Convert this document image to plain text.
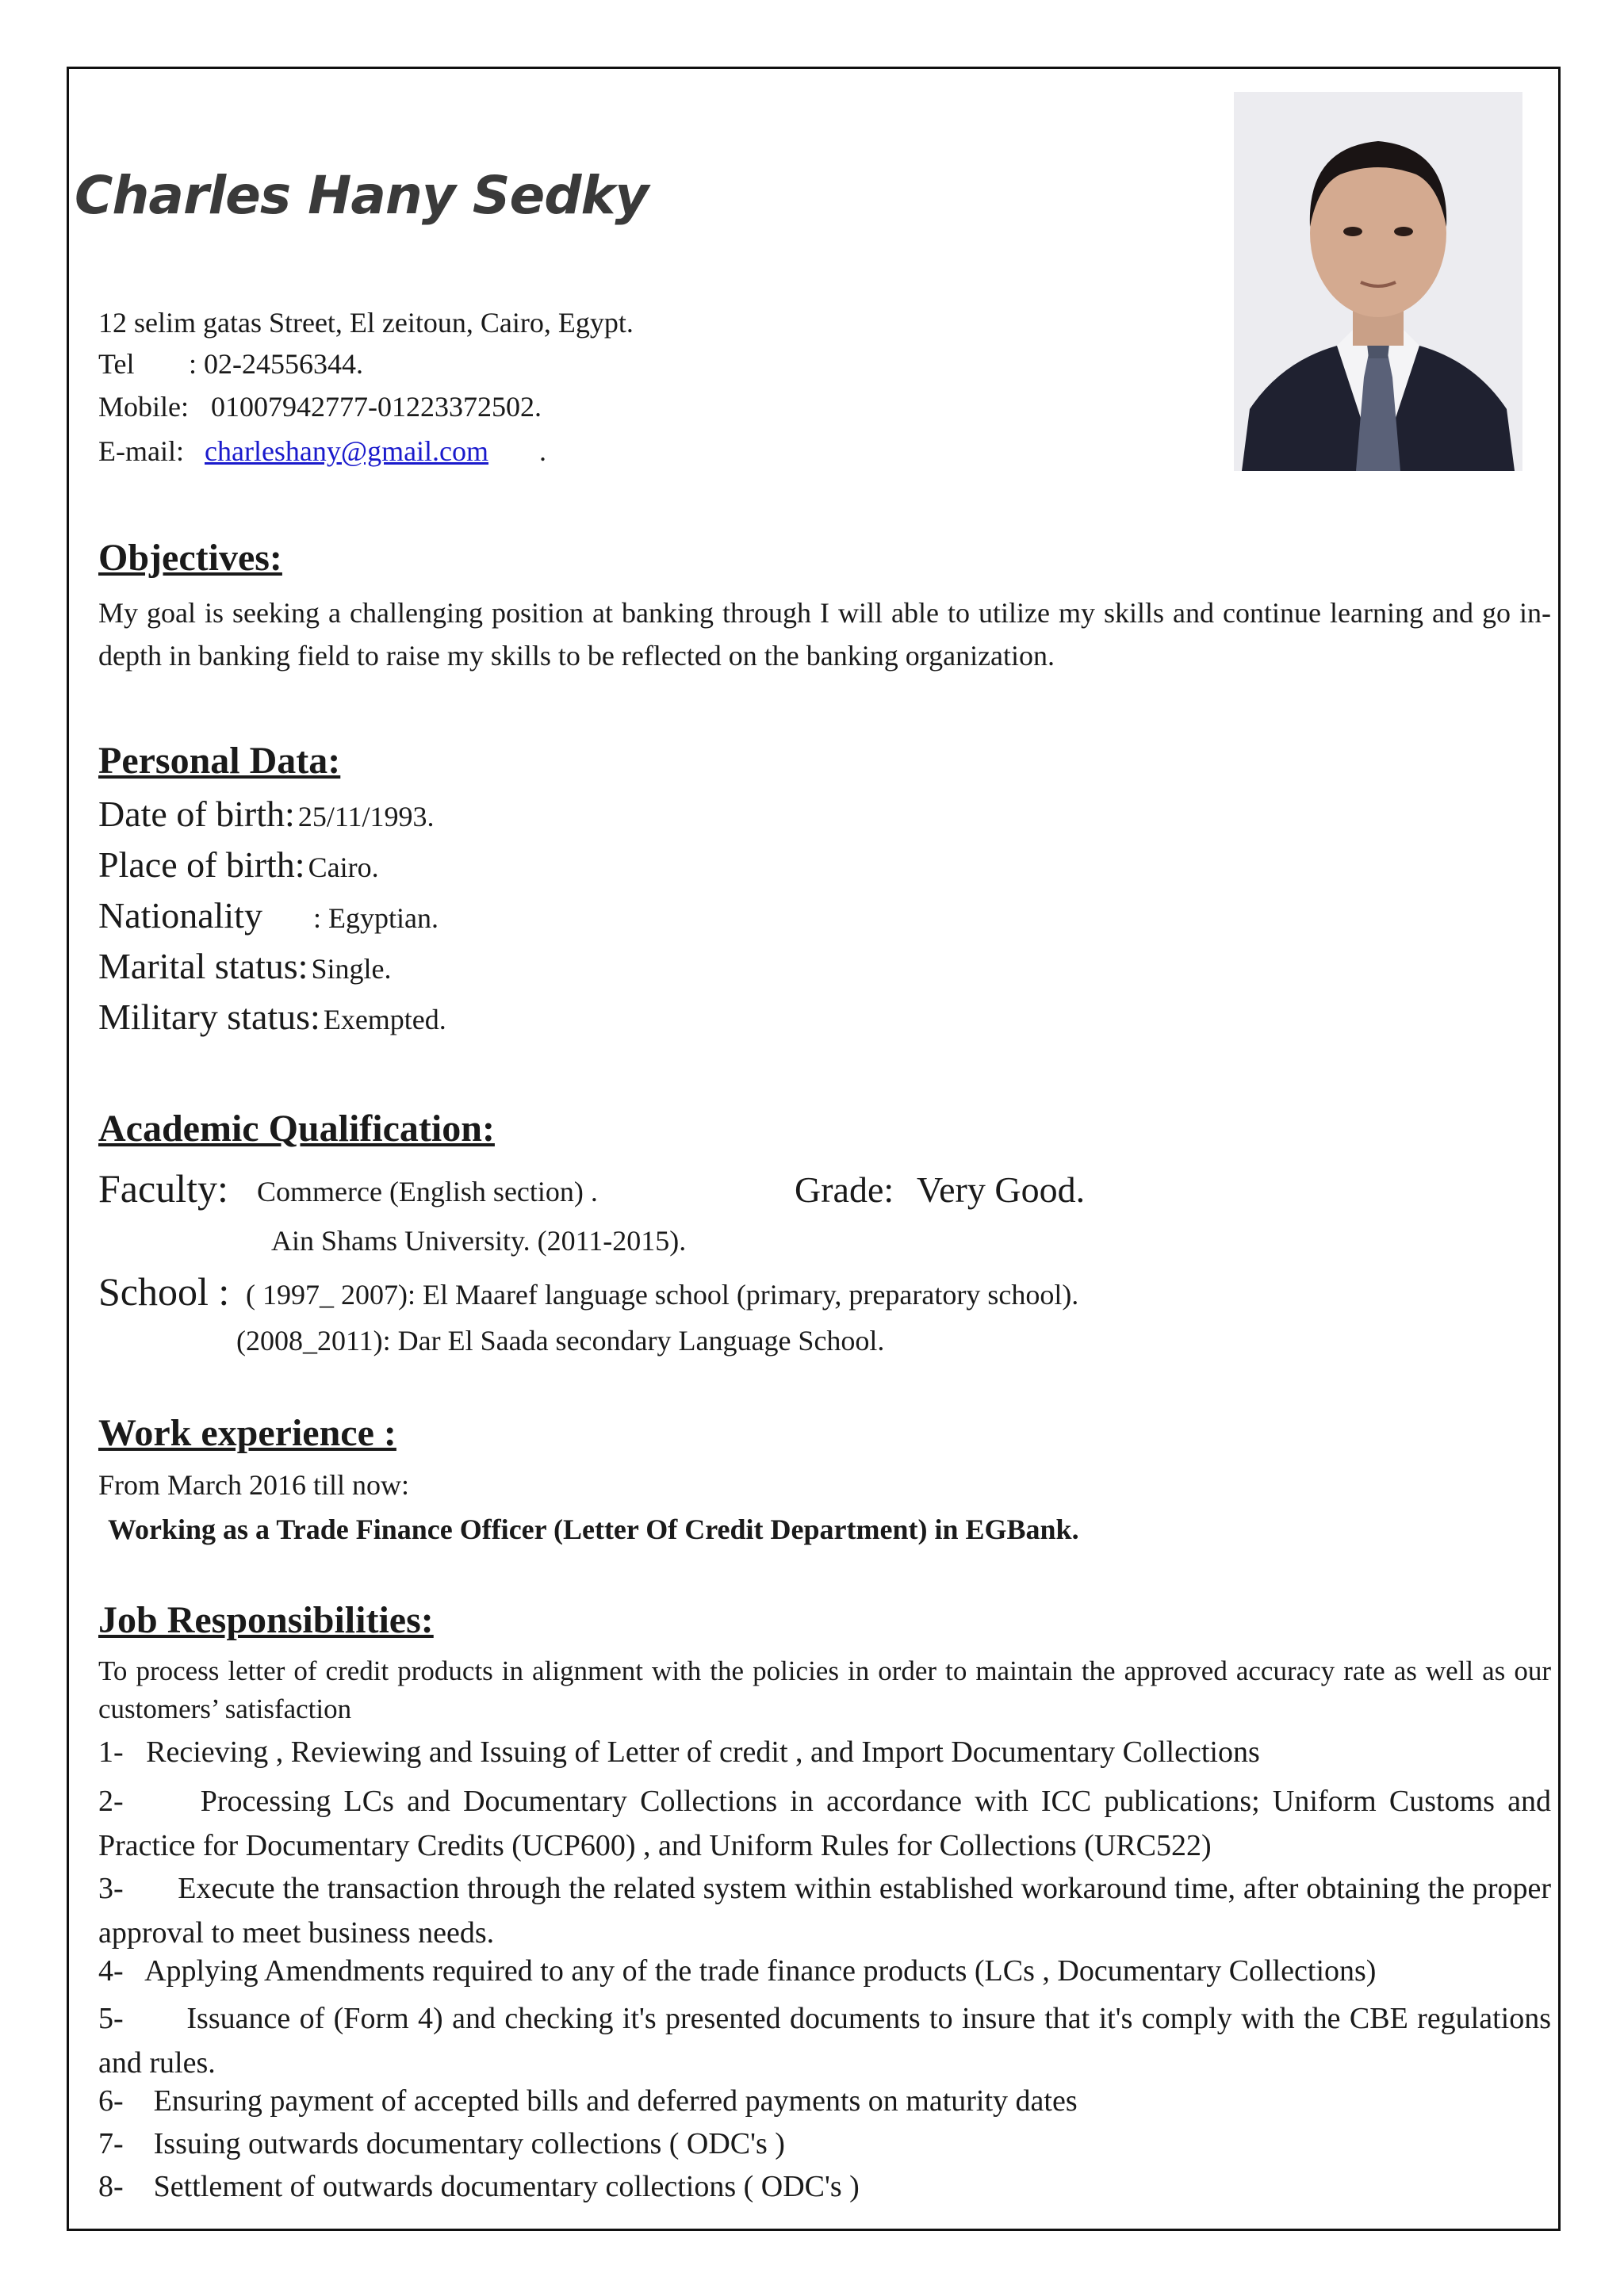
Charles Hany Sedky
12 selim gatas Street, El zeitoun, Cairo, Egypt.
Tel : 02-24556344.
Mobile: 01007942777-01223372502.
E-mail: charleshany@gmail.com .
Objectives:
My goal is seeking a challenging position at banking through I will able to utilize my skills and continue learning and go in-depth in banking field to raise my skills to be reflected on the banking organization.
Personal Data:
Date of birth: 25/11/1993.
Place of birth: Cairo.
Nationality : Egyptian.
Marital status: Single.
Military status: Exempted.
Academic Qualification:
Faculty: Commerce (English section) .	Grade: Very Good.
Ain Shams University. (2011-2015).
School : ( 1997_ 2007): El Maaref language school (primary, preparatory school).
(2008_2011): Dar El Saada secondary Language School.
Work experience :
From March 2016 till now:
Working as a Trade Finance Officer (Letter Of Credit Department) in EGBank.
Job Responsibilities:
To process letter of credit products in alignment with the policies in order to maintain the approved accuracy rate as well as our customers’ satisfaction
1- Recieving , Reviewing and Issuing of Letter of credit , and Import Documentary Collections
2-	Processing LCs and Documentary Collections in accordance with ICC publications; Uniform Customs and Practice for Documentary Credits (UCP600) , and Uniform Rules for Collections (URC522)
3- Execute the transaction through the related system within established workaround time, after obtaining the proper approval to meet business needs.
4- Applying Amendments required to any of the trade finance products (LCs , Documentary Collections)
5- Issuance of (Form 4) and checking it's presented documents to insure that it's comply with the CBE regulations and rules.
6- Ensuring payment of accepted bills and deferred payments on maturity dates
7- Issuing outwards documentary collections ( ODC's )
8- Settlement of outwards documentary collections ( ODC's )
